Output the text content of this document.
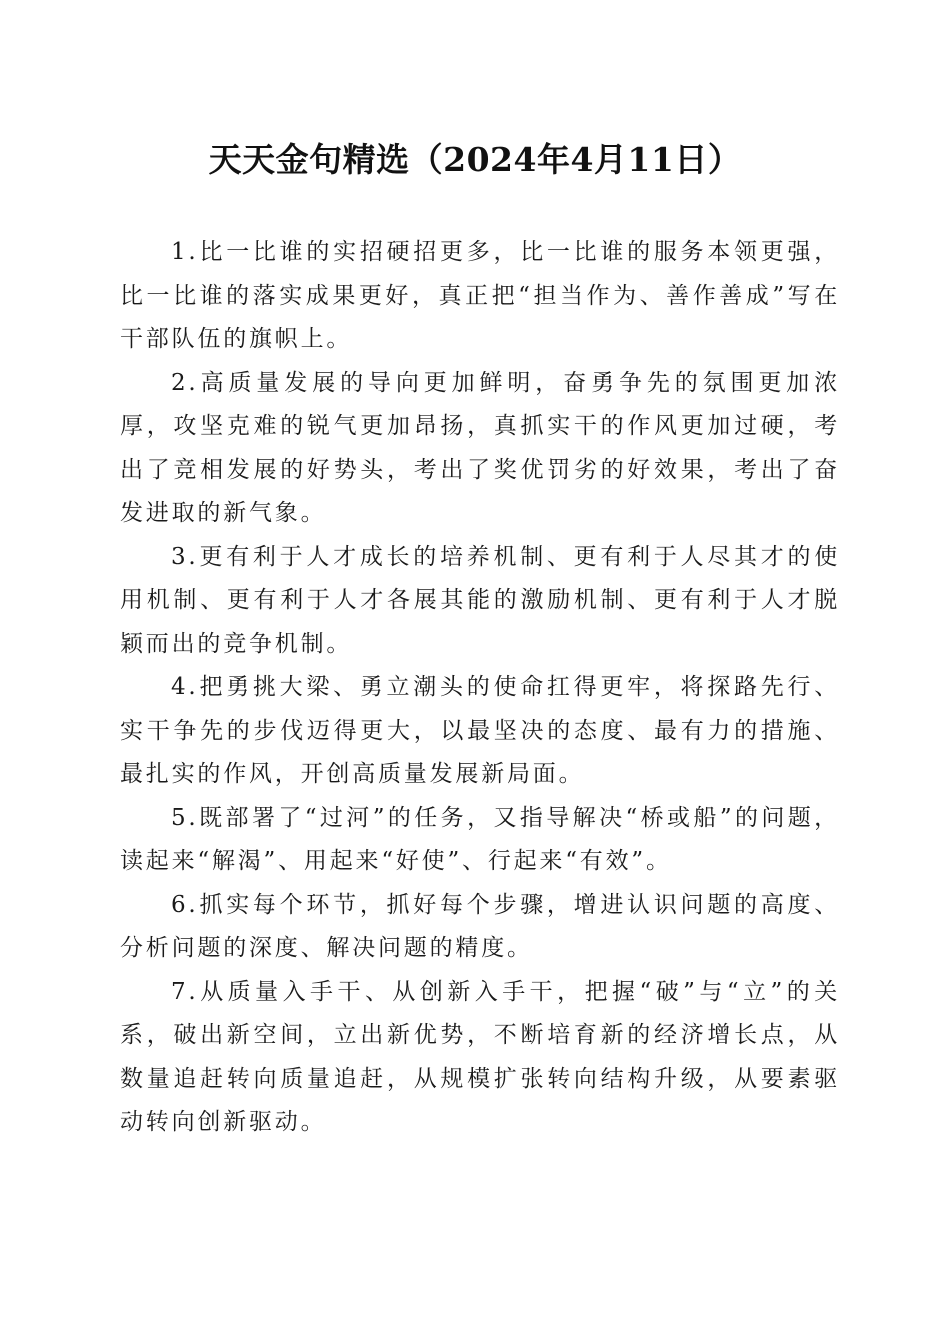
天天金句精选（2024年4月11日）

1.比一比谁的实招硬招更多，比一比谁的服务本领更强，比一比谁的落实成果更好，真正把“担当作为、善作善成”写在干部队伍的旗帜上。

2.高质量发展的导向更加鲜明，奋勇争先的氛围更加浓厚，攻坚克难的锐气更加昂扬，真抓实干的作风更加过硬，考出了竞相发展的好势头，考出了奖优罚劣的好效果，考出了奋发进取的新气象。

3.更有利于人才成长的培养机制、更有利于人尽其才的使用机制、更有利于人才各展其能的激励机制、更有利于人才脱颖而出的竞争机制。

4.把勇挑大梁、勇立潮头的使命扛得更牢，将探路先行、实干争先的步伐迈得更大，以最坚决的态度、最有力的措施、最扎实的作风，开创高质量发展新局面。

5.既部署了“过河”的任务，又指导解决“桥或船”的问题，读起来“解渴”、用起来“好使”、行起来“有效”。

6.抓实每个环节，抓好每个步骤，增进认识问题的高度、分析问题的深度、解决问题的精度。

7.从质量入手干、从创新入手干，把握“破”与“立”的关系，破出新空间，立出新优势，不断培育新的经济增长点，从数量追赶转向质量追赶，从规模扩张转向结构升级，从要素驱动转向创新驱动。
